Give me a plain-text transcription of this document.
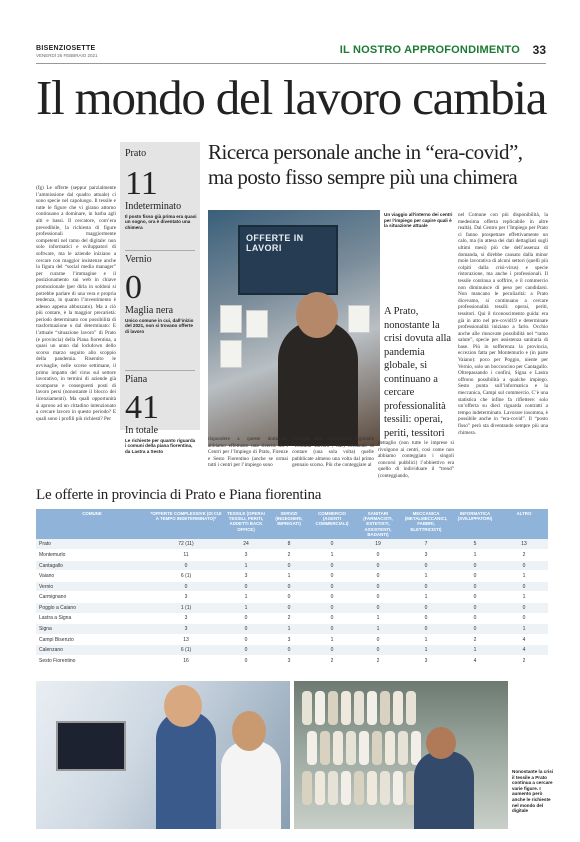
BISENZIOSETTE
VENERDÌ 26 FEBBRAIO 2021	IL NOSTRO APPROFONDIMENTO 33
Il mondo del lavoro cambia
Ricerca personale anche in “era-covid”, ma posto fisso sempre più una chimera
(fg) Le offerte (seppur parzialmente l’ammissione dal quadro attuale) ci sono specie nel capoluogo. Il tessile e tutte le figure che vi girano attorno continuano a dominare, in barba agli alti e bassi. Il cercatore, com’era prevedibile, la richiesta di figure professionali maggiormente competenti nel ramo del digitale: non solo informatici e sviluppatori di software, ma le aziende iniziano a cercare con maggior insistenze anche la figura del “social media manager” per curarne l’immagine e il posizionamento sui web in chiave promozionale (per dirla in soldoni si potrebbe parlare di una vera e propria tendenza, in quanto l’investimento è adesso appena abbozzato). Ma a ciò più contare, è la maggior precarietà: periodo determinato con possibilità di trasformazione o dal determinato: E l’attuale “situazione lavoro” di Prato (e provincia) della Piana fiorentina, a quasi un anno dal lockdown dello scorso marzo seguito allo scoppio della pandemia. Risentito le avvisaglie, nelle scorse settimane, il primo impatto del virus sul settore lavorativo, in termini di aziende già scomparse e conseguenti posti di lavoro persi (nonostante il blocco dei licenziamenti). Ma quali opportunità si aprono ad un cittadino intenzionato a cercare lavoro in questo periodo? E quali sono i profili più richiesti? Per
Prato
11
Indeterminato
Il posto fisso già prima era quasi un sogno, ora è diventato una chimera
Vernio
0
Maglia nera
Unico comune in cui, dall’inizio del 2021, non si trovano offerte di lavoro
Piana
41
In totale
Le richieste per quanto riguarda i comuni della piana fiorentina, da Lastra a Sesto
OFFERTE IN LAVORI
Un viaggio all’interno dei centri per l’impiego per capire quali è la situazione attuale
A Prato, nonostante la crisi dovuta alla pandemia globale, si continuano a cercare professionalità tessili: operai, periti, tessitori
nel Comune con più disponibilità, la medesima offerta replicabile in altre realtà). Dal Centro per l’Impiego per Prato ci fanno prospettare effettivamente un calo, ma (in attesa dei dati dettagliati sugli ultimi mesi) più che dell’assenza di domanda, si direbbe causato dalla minor mole lavorativa di alcuni settori (quelli più colpiti dalla crisi-virus) e specie ristorazione, ma anche i professionali. Il tessile continua a soffrire, e il commercio non diminuisce di peso per candidarsi. Non mancano le peculiarità: a Prato dicevamo, si continuano a cercare professionalità tessili: operai, periti, tessitori. Qui il riconoscimento guida: era già in atto nel pre-covid19 e determinate professionalità iniziano a farlo. Occhio anche alle rinnovate possibilità nel “ramo salute”, specie per assistenza sanitaria di base. Più in sofferenza la provincia, eccezion fatta per Montemurlo e (in parte Vaiano): poco per Poggio, niente per Vernio, solo un bocconcino per Cantagallo. Oltrepassando i confini, Signa e Lastra offrono possibilità a qualche impiego. Sesto punta sull’informatica e la meccanica, Campi sul commercio. C’è una statistica che infine fa riflettere: solo un’offerta su dieci riguarda contratti a tempo indeterminato. Lavorare insomma, è possibile anche in “era-covid”. Il “posto fisso” però sta diventando sempre più una chimera.
rispondere a queste domande, abbiamo effettuato una ricerca tra i Centri per l’Impiego di Prato, Firenze e Sesto Fiorentino (anche se ormai tutti i centri per l’impiego sono
collegati dalla piattaforma regionale “Toscana Lavoro”, ndr) cercando di contare (una sola volta) quelle pubblicate almeno una volta dal primo gennaio scorso. Più che conteggiare al
dettaglio (non tutte le imprese si rivolgono ai centri, così come non abbiamo conteggiato i singoli concorsi pubblici) l’obbiettivo era quello di individuare il “trend” (conteggiando,
Le offerte in provincia di Prato e Piana fiorentina
COMUNE	*OFFERTE COMPLESSIVE (DI CUI A TEMPO INDETERMINATO)*	TESSILE (OPERAI TESSILI, PERITI, ADDETTI BACK OFFICE)	SERVIZI (INGEGNERI, IMPIEGATI)	COMMERCIO (AGENTI COMMERCIALI)	SANITARI (FARMACISTI, ESTETISTI, ASSISTENTI, BADANTI)	MECCANICA (METALMECCANICI, FABBRI, ELETTRICISTI)	INFORMATICA (SVILUPPATORI)	ALTRO
Prato	72 (11)	24	8	0	19	7	5	13
Montemurlo	11	3	2	1	0	3	1	2
Cantagallo	0	1	0	0	0	0	0	0
Vaiano	6 (1)	3	1	0	0	1	0	1
Vernio	0	0	0	0	0	0	0	0
Carmignano	3	1	0	0	0	1	0	1
Poggio a Caiano	1 (1)	1	0	0	0	0	0	0
Lastra a Signa	3	0	2	0	1	0	0	0
Signa	3	0	1	0	1	0	0	1
Campi Bisenzio	13	0	3	1	0	1	2	4
Calenzano	6 (1)	0	0	0	0	1	1	4
Sesto Fiorentino	16	0	3	2	2	3	4	2
Nonostante la crisi il tessile a Prato continua a cercare varie figure. I aumento però anche le richieste nel mondo del digitale
